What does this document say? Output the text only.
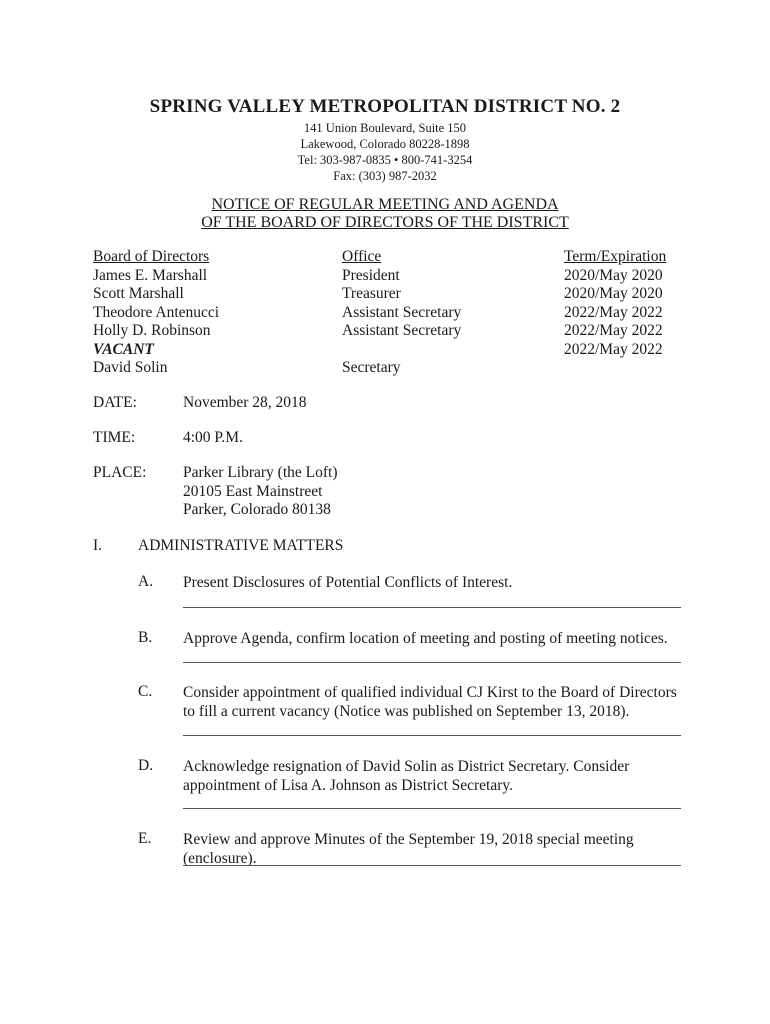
SPRING VALLEY METROPOLITAN DISTRICT NO. 2
141 Union Boulevard, Suite 150
Lakewood, Colorado 80228-1898
Tel: 303-987-0835 • 800-741-3254
Fax: (303) 987-2032
NOTICE OF REGULAR MEETING AND AGENDA
OF THE BOARD OF DIRECTORS OF THE DISTRICT
Board of Directors
James E. Marshall
Scott Marshall
Theodore Antenucci
Holly D. Robinson
VACANT
David Solin
Office
President
Treasurer
Assistant Secretary
Assistant Secretary

Secretary
Term/Expiration
2020/May 2020
2020/May 2020
2022/May 2022
2022/May 2022
2022/May 2022
DATE:	November 28, 2018
TIME:	4:00 P.M.
PLACE: Parker Library (the Loft)
20105 East Mainstreet
Parker, Colorado 80138
I. ADMINISTRATIVE MATTERS
A. Present Disclosures of Potential Conflicts of Interest.
B. Approve Agenda, confirm location of meeting and posting of meeting notices.
C. Consider appointment of qualified individual CJ Kirst to the Board of Directors to fill a current vacancy (Notice was published on September 13, 2018).
D. Acknowledge resignation of David Solin as District Secretary. Consider appointment of Lisa A. Johnson as District Secretary.
E. Review and approve Minutes of the September 19, 2018 special meeting (enclosure).
